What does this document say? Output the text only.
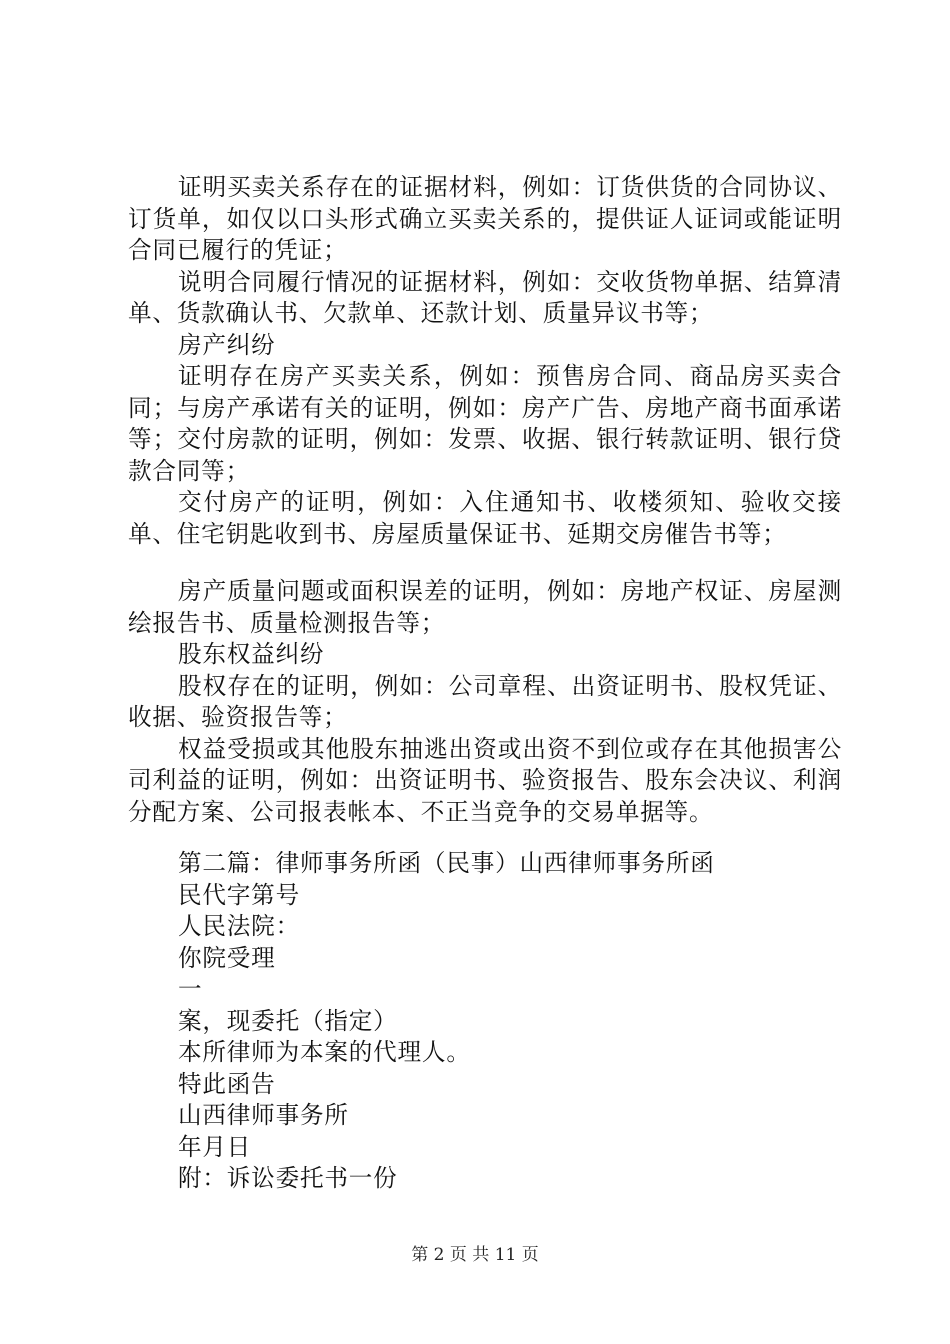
证明买卖关系存在的证据材料，例如：订货供货的合同协议、订货单，如仅以口头形式确立买卖关系的，提供证人证词或能证明合同已履行的凭证；

说明合同履行情况的证据材料，例如：交收货物单据、结算清单、货款确认书、欠款单、还款计划、质量异议书等；

房产纠纷

证明存在房产买卖关系，例如：预售房合同、商品房买卖合同；与房产承诺有关的证明，例如：房产广告、房地产商书面承诺等；交付房款的证明，例如：发票、收据、银行转款证明、银行贷款合同等；

交付房产的证明，例如：入住通知书、收楼须知、验收交接单、住宅钥匙收到书、房屋质量保证书、延期交房催告书等；

房产质量问题或面积误差的证明，例如：房地产权证、房屋测绘报告书、质量检测报告等；

股东权益纠纷

股权存在的证明，例如：公司章程、出资证明书、股权凭证、收据、验资报告等；

权益受损或其他股东抽逃出资或出资不到位或存在其他损害公司利益的证明，例如：出资证明书、验资报告、股东会决议、利润分配方案、公司报表帐本、不正当竞争的交易单据等。

第二篇：律师事务所函（民事）山西律师事务所函

民代字第号

人民法院：

你院受理

一

案，现委托（指定）

本所律师为本案的代理人。

特此函告

山西律师事务所

年月日

附：诉讼委托书一份

第 2 页 共 11 页
